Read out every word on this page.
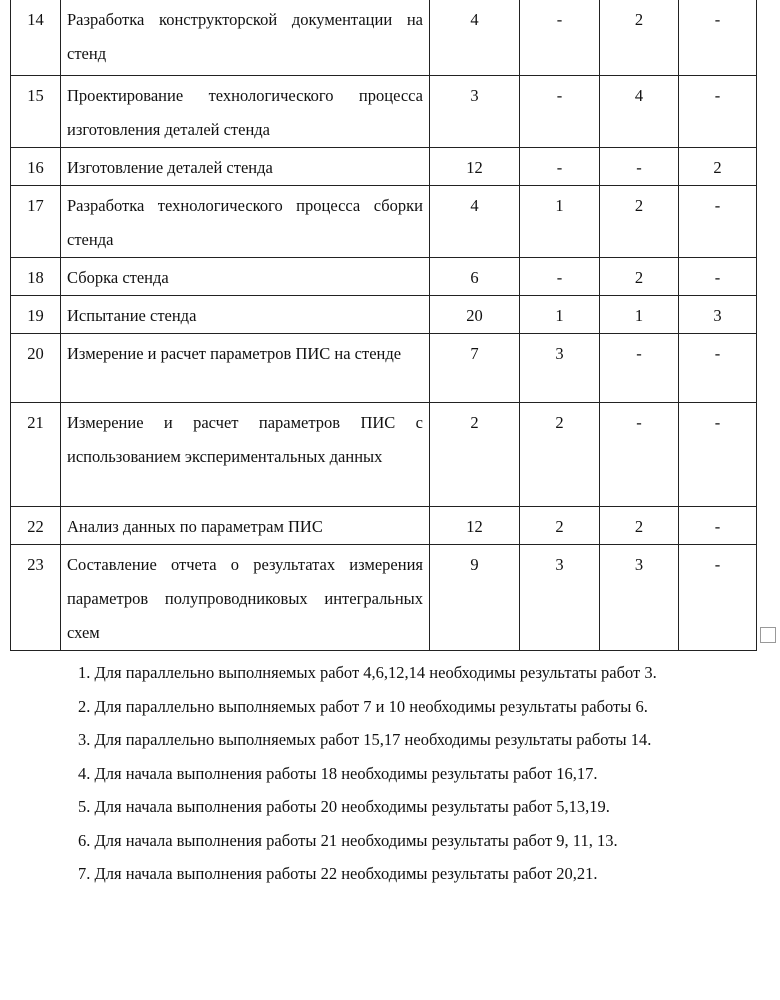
14	Разработка конструкторской документации на стенд	4	-	2	-
15	Проектирование технологического процесса изготовления деталей стенда	3	-	4	-
16	Изготовление деталей стенда	12	-	-	2
17	Разработка технологического процесса сборки стенда	4	1	2	-
18	Сборка стенда	6	-	2	-
19	Испытание стенда	20	1	1	3
20	Измерение и расчет параметров ПИС на стенде	7	3	-	-
21	Измерение и расчет параметров ПИС с использованием экспериментальных данных	2	2	-	-
22	Анализ данных по параметрам ПИС	12	2	2	-
23	Составление отчета о результатах измерения параметров полупроводниковых интегральных схем	9	3	3	-

1. Для параллельно выполняемых работ 4,6,12,14 необходимы результаты работ 3.

2. Для параллельно выполняемых работ 7 и 10 необходимы результаты работы 6.

3. Для параллельно выполняемых работ 15,17 необходимы результаты работы 14.

4. Для начала выполнения работы 18 необходимы результаты работ 16,17.

5. Для начала выполнения работы 20 необходимы результаты работ 5,13,19.

6. Для начала выполнения работы 21 необходимы результаты работ 9, 11, 13.

7. Для начала выполнения работы 22 необходимы результаты работ 20,21.
